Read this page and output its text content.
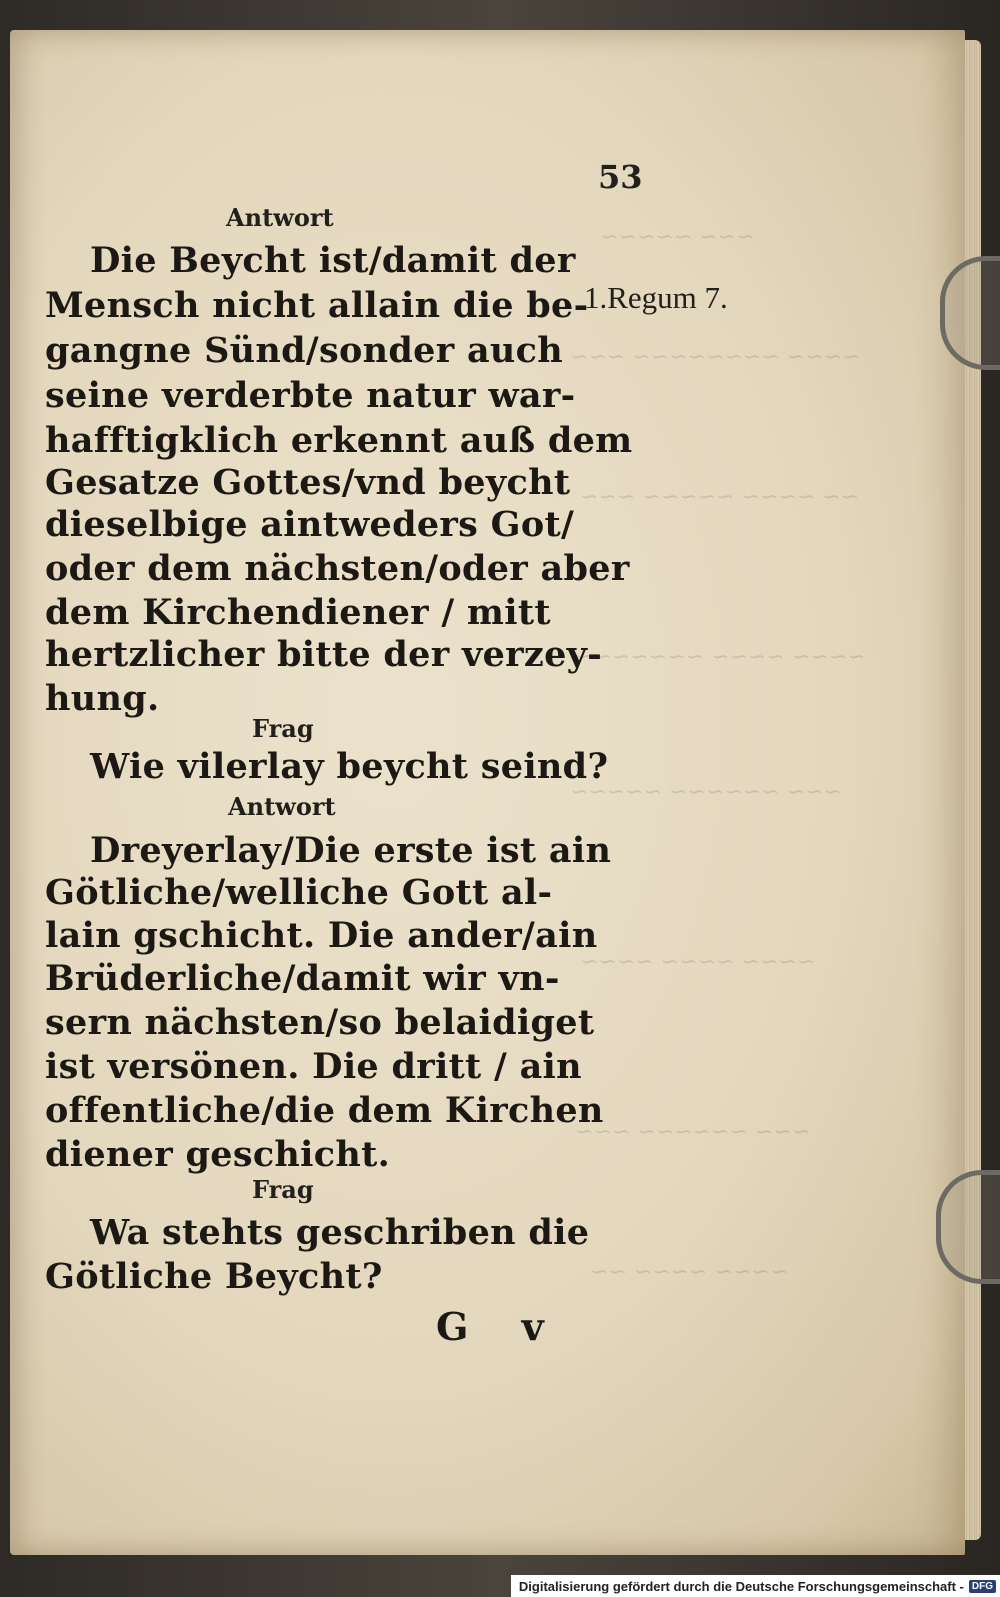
~~~ ~~~~~
~~~~ ~~~~~~~~ ~~~
~~ ~~~~ ~~~~~ ~~~
~~~~ ~~~~ ~~~~~~~
~~~ ~~~~~~ ~~~~~
~~~~ ~~~~ ~~~~
~~~ ~~~~~~ ~~~
~~~~ ~~~~ ~~

53

1.Regum 7.

Antwort

Die Beycht ist/damit der

Mensch nicht allain die be-

gangne Sünd/sonder auch

seine verderbte natur war-

hafftigklich erkennt auß dem

Gesatze Gottes/vnd beycht

dieselbige aintweders Got/

oder dem nächsten/oder aber

dem Kirchendiener / mitt

hertzlicher bitte der verzey-

hung.

Frag

Wie vilerlay beycht seind?

Antwort

Dreyerlay/Die erste ist ain

Götliche/welliche Gott al-

lain gschicht. Die ander/ain

Brüderliche/damit wir vn-

sern nächsten/so belaidiget

ist versönen. Die dritt / ain

offentliche/die dem Kirchen

diener geschicht.

Frag

Wa stehts geschriben die

Götliche Beycht?

G v

Digitalisierung gefördert durch die Deutsche Forschungsgemeinschaft - DFG
